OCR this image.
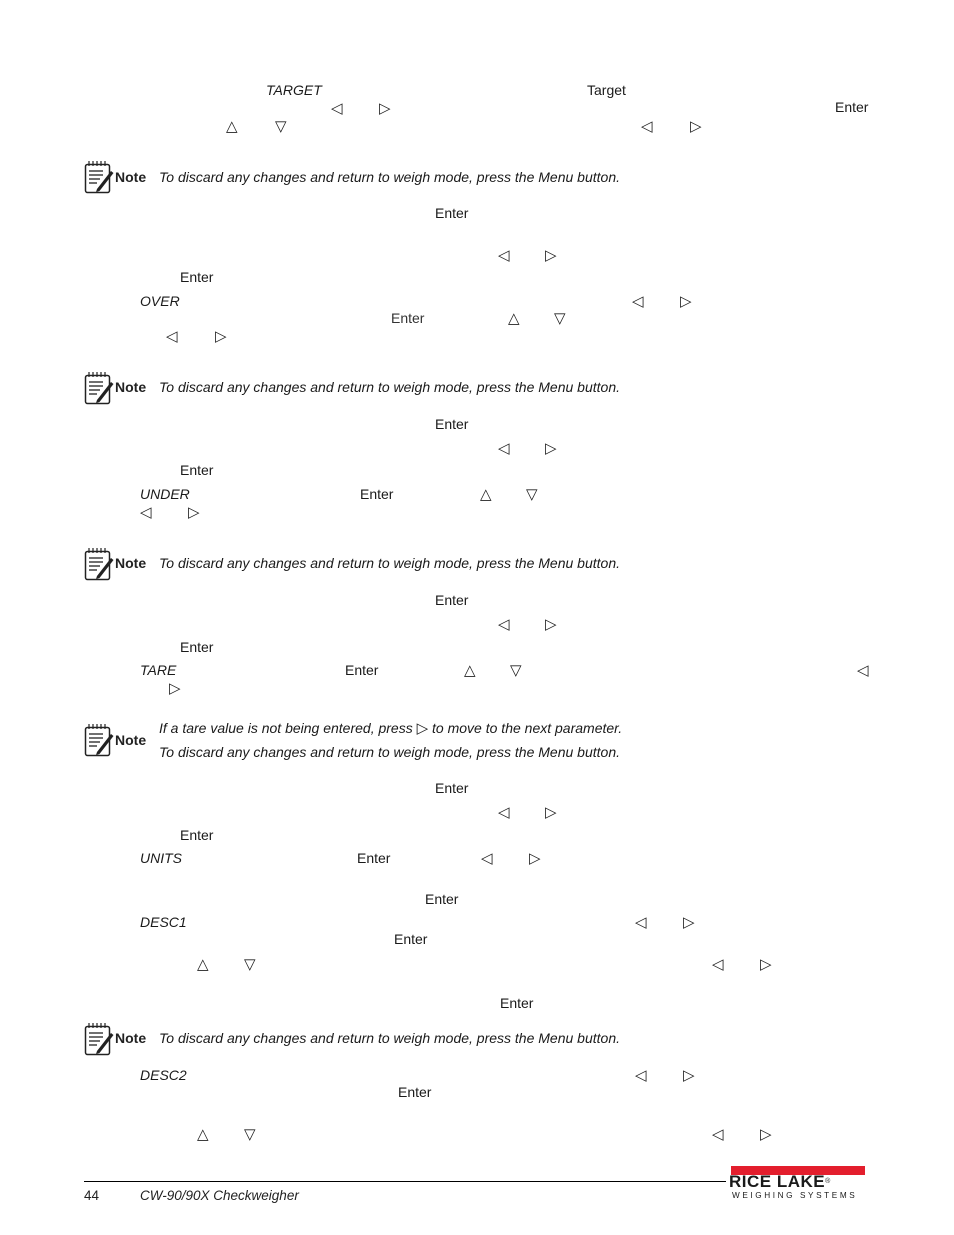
TARGET	Target
◁ ▷	Enter
△ ▽	◁ ▷
Note To discard any changes and return to weigh mode, press the Menu button.
Enter
◁ ▷
Enter
OVER	◁ ▷
Enter	△ ▽
◁ ▷
Note To discard any changes and return to weigh mode, press the Menu button.
Enter
◁ ▷
Enter
UNDER	Enter	△ ▽
◁ ▷
Note To discard any changes and return to weigh mode, press the Menu button.
Enter
◁ ▷
Enter
TARE	Enter	△ ▽	◁
▷
Note
If a tare value is not being entered, press ▷ to move to the next parameter.
To discard any changes and return to weigh mode, press the Menu button.
Enter
◁ ▷
Enter
UNITS	Enter	◁ ▷
Enter
DESC1	◁ ▷
Enter
△ ▽	◁ ▷
Enter
Note To discard any changes and return to weigh mode, press the Menu button.
DESC2	◁ ▷
Enter
△ ▽	◁ ▷
44	CW-90/90X Checkweigher
RICE LAKE®
WEIGHING SYSTEMS
